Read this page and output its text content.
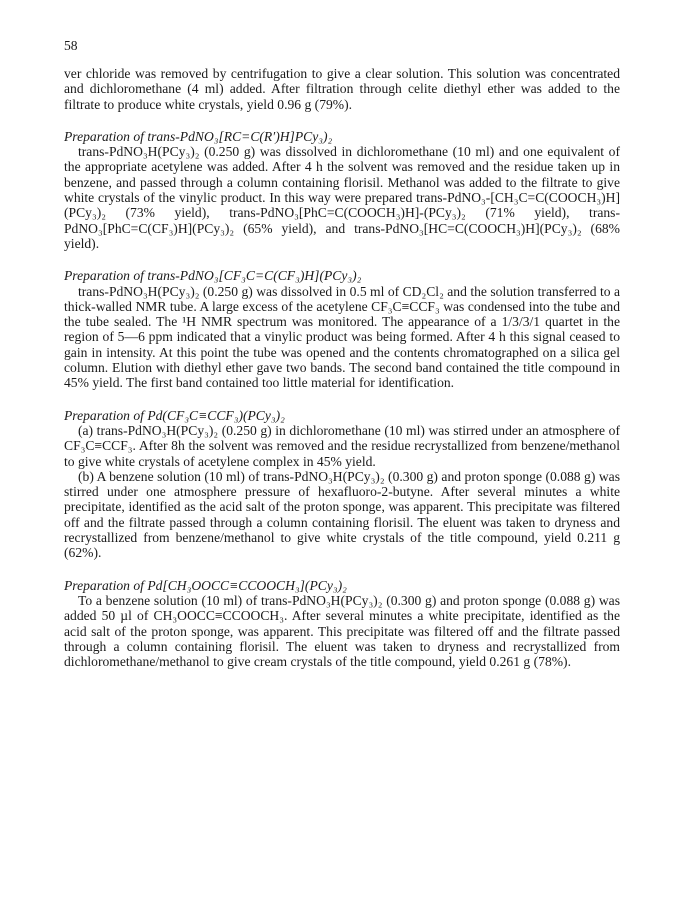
58

ver chloride was removed by centrifugation to give a clear solution. This solution was concentrated and dichloromethane (4 ml) added. After filtration through celite diethyl ether was added to the filtrate to produce white crystals, yield 0.96 g (79%).

Preparation of trans-PdNO₃[RC=C(R′)H]PCy₃)₂

trans-PdNO₃H(PCy₃)₂ (0.250 g) was dissolved in dichloromethane (10 ml) and one equivalent of the appropriate acetylene was added. After 4 h the solvent was removed and the residue taken up in benzene, and passed through a column containing florisil. Methanol was added to the filtrate to give white crystals of the vinylic product. In this way were prepared trans-PdNO₃-[CH₃C=C(COOCH₃)H](PCy₃)₂ (73% yield), trans-PdNO₃[PhC=C(COOCH₃)H]-(PCy₃)₂ (71% yield), trans-PdNO₃[PhC=C(CF₃)H](PCy₃)₂ (65% yield), and trans-PdNO₃[HC=C(COOCH₃)H](PCy₃)₂ (68% yield).

Preparation of trans-PdNO₃[CF₃C=C(CF₃)H](PCy₃)₂

trans-PdNO₃H(PCy₃)₂ (0.250 g) was dissolved in 0.5 ml of CD₂Cl₂ and the solution transferred to a thick-walled NMR tube. A large excess of the acetylene CF₃C≡CCF₃ was condensed into the tube and the tube sealed. The ¹H NMR spectrum was monitored. The appearance of a 1/3/3/1 quartet in the region of 5—6 ppm indicated that a vinylic product was being formed. After 4 h this signal ceased to gain in intensity. At this point the tube was opened and the contents chromatographed on a silica gel column. Elution with diethyl ether gave two bands. The second band contained the title compound in 45% yield. The first band contained too little material for identification.

Preparation of Pd(CF₃C≡CCF₃)(PCy₃)₂

(a) trans-PdNO₃H(PCy₃)₂ (0.250 g) in dichloromethane (10 ml) was stirred under an atmosphere of CF₃C≡CCF₃. After 8h the solvent was removed and the residue recrystallized from benzene/methanol to give white crystals of acetylene complex in 45% yield.

(b) A benzene solution (10 ml) of trans-PdNO₃H(PCy₃)₂ (0.300 g) and proton sponge (0.088 g) was stirred under one atmosphere pressure of hexafluoro-2-butyne. After several minutes a white precipitate, identified as the acid salt of the proton sponge, was apparent. This precipitate was filtered off and the filtrate passed through a column containing florisil. The eluent was taken to dryness and recrystallized from benzene/methanol to give white crystals of the title compound, yield 0.211 g (62%).

Preparation of Pd[CH₃OOCC≡CCOOCH₃](PCy₃)₂

To a benzene solution (10 ml) of trans-PdNO₃H(PCy₃)₂ (0.300 g) and proton sponge (0.088 g) was added 50 µl of CH₃OOCC≡CCOOCH₃. After several minutes a white precipitate, identified as the acid salt of the proton sponge, was apparent. This precipitate was filtered off and the filtrate passed through a column containing florisil. The eluent was taken to dryness and recrystallized from dichloromethane/methanol to give cream crystals of the title compound, yield 0.261 g (78%).
